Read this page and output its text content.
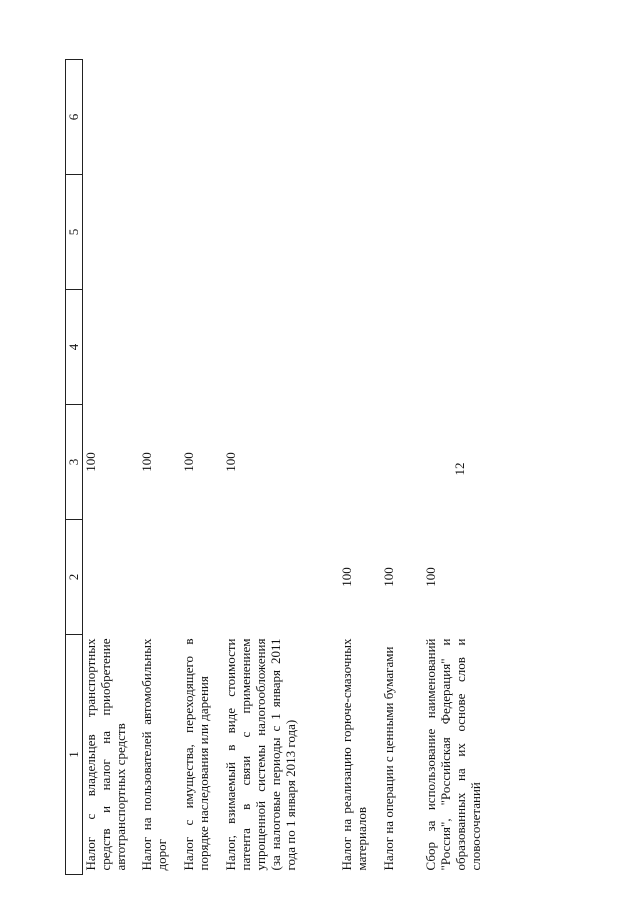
12
1	2	3	4	5	6
Налог с владельцев транспортных средств и налог на приобретение автотранспортных средств		100			
Налог на пользователей автомобильных дорог		100			
Налог с имущества, переходящего в порядке наследования или дарения		100			
Налог, взимаемый в виде стоимости патента в связи с применением упрощенной системы налогообложения (за налоговые периоды с 1 января 2011 года по 1 января 2013 года)		100			
Налог на реализацию горюче-смазочных материалов	100				
Налог на операции с ценными бумагами	100				
Сбор за использование наименований "Россия", "Российская Федерация" и образованных на их основе слов и словосочетаний	100				
